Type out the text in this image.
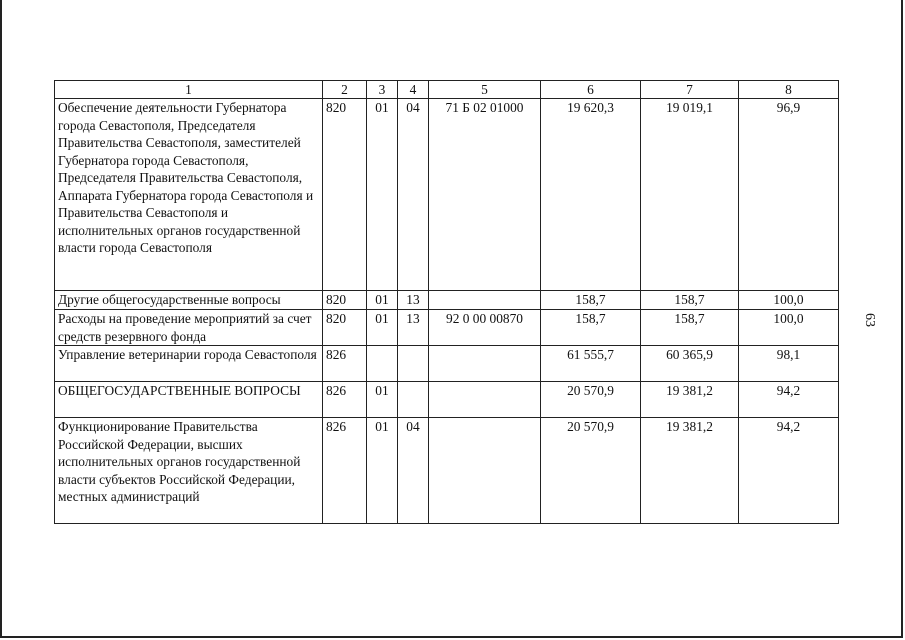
1	2	3	4	5	6	7	8
Обеспечение деятельности Губернатора города Севастополя, Председателя Правительства Севастополя, заместителей Губернатора города Севастополя, Председателя Правительства Севастополя, Аппарата Губернатора города Севастополя и Правительства Севастополя и исполнительных органов государственной власти города Севастополя	820	01	04	71 Б 02 01000	19 620,3	19 019,1	96,9
Другие общегосударственные вопросы	820	01	13		158,7	158,7	100,0
Расходы на проведение мероприятий за счет средств резервного фонда	820	01	13	92 0 00 00870	158,7	158,7	100,0
Управление ветеринарии города Севастополя	826				61 555,7	60 365,9	98,1
ОБЩЕГОСУДАРСТВЕННЫЕ ВОПРОСЫ	826	01			20 570,9	19 381,2	94,2
Функционирование Правительства Российской Федерации, высших исполнительных органов государственной власти субъектов Российской Федерации, местных администраций	826	01	04		20 570,9	19 381,2	94,2
63
